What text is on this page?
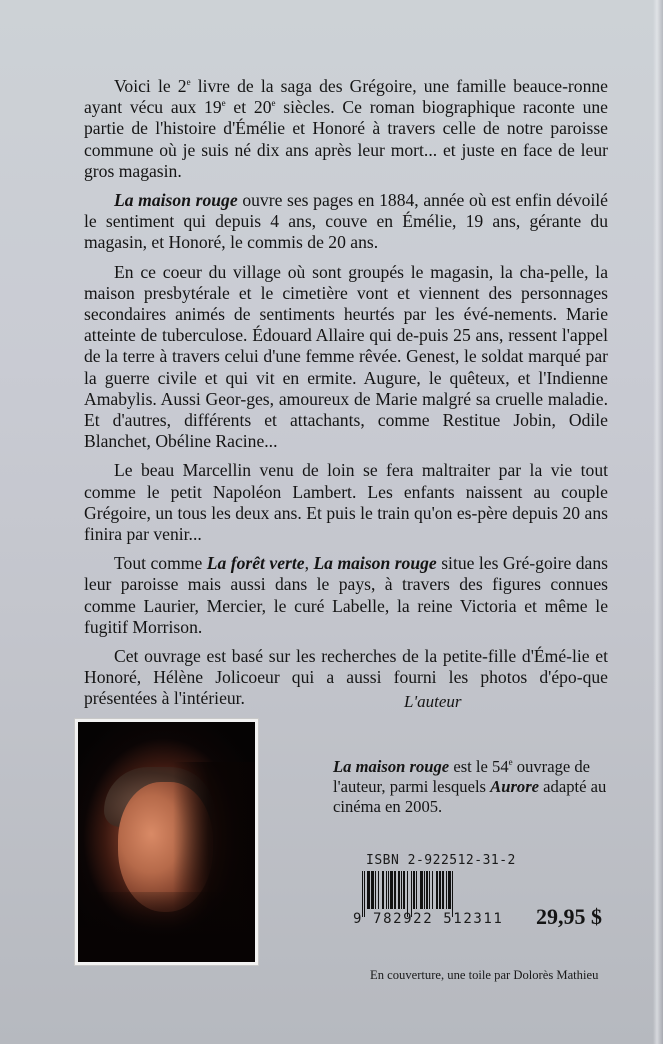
Voici le 2e livre de la saga des Grégoire, une famille beauce-ronne ayant vécu aux 19e et 20e siècles. Ce roman biographique raconte une partie de l'histoire d'Émélie et Honoré à travers celle de notre paroisse commune où je suis né dix ans après leur mort... et juste en face de leur gros magasin.

La maison rouge ouvre ses pages en 1884, année où est enfin dévoilé le sentiment qui depuis 4 ans, couve en Émélie, 19 ans, gérante du magasin, et Honoré, le commis de 20 ans.

En ce coeur du village où sont groupés le magasin, la cha-pelle, la maison presbytérale et le cimetière vont et viennent des personnages secondaires animés de sentiments heurtés par les évé-nements. Marie atteinte de tuberculose. Édouard Allaire qui de-puis 25 ans, ressent l'appel de la terre à travers celui d'une femme rêvée. Genest, le soldat marqué par la guerre civile et qui vit en ermite. Augure, le quêteux, et l'Indienne Amabylis. Aussi Geor-ges, amoureux de Marie malgré sa cruelle maladie. Et d'autres, différents et attachants, comme Restitue Jobin, Odile Blanchet, Obéline Racine...

Le beau Marcellin venu de loin se fera maltraiter par la vie tout comme le petit Napoléon Lambert. Les enfants naissent au couple Grégoire, un tous les deux ans. Et puis le train qu'on es-père depuis 20 ans finira par venir...

Tout comme La forêt verte, La maison rouge situe les Gré-goire dans leur paroisse mais aussi dans le pays, à travers des figures connues comme Laurier, Mercier, le curé Labelle, la reine Victoria et même le fugitif Morrison.

Cet ouvrage est basé sur les recherches de la petite-fille d'Émé-lie et Honoré, Hélène Jolicoeur qui a aussi fourni les photos d'épo-que présentées à l'intérieur.	L'auteur
La maison rouge est le 54e ouvrage de l'auteur, parmi lesquels Aurore adapté au cinéma en 2005.
ISBN 2-922512-31-2
9 782922 512311	29,95 $
En couverture, une toile par Dolorès Mathieu
